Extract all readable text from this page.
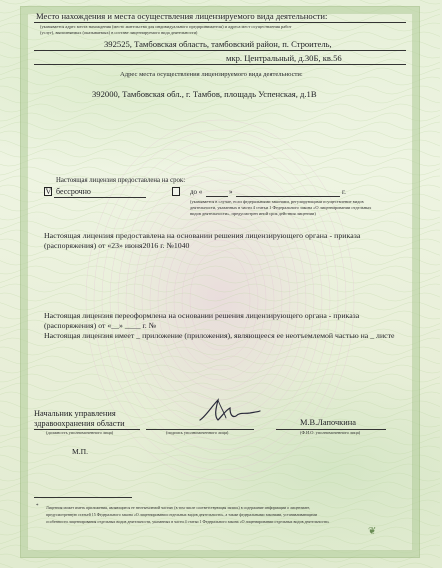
Место нахождения и места осуществления лицензируемого вида деятельности:
(указывается адрес места нахождения (место жительства для индивидуального предпринимателя) и адреса мест осуществления работ
(услуг), выполняемых (оказываемых) в составе лицензируемого вида деятельности)
392525, Тамбовская область, тамбовский район, п. Строитель,
мкр. Центральный, д.30Б, кв.56
Адрес места осуществления лицензируемого вида деятельности:
392000, Тамбовская обл., г. Тамбов, площадь Успенская, д.1В
Настоящая лицензия предоставлена на срок:
V бессрочно	до «	»	г.
(указывается в случае, если федеральными законами, регулирующими осуществление видов
деятельности, указанных в части 4 статьи 1 Федерального закона «О лицензировании отдельных
видов деятельности», предусмотрен иной срок действия лицензии)
Настоящая лицензия предоставлена на основании решения лицензирующего органа - приказа
(распоряжения) от «23» июня2016 г. №1040
Настоящая лицензия переоформлена на основании решения лицензирующего органа - приказа
(распоряжения) от «__» ____ г. №
Настоящая лицензия имеет _ приложение (приложения), являющееся ее неотъемлемой частью на _ листе
Начальник управления
здравоохранения области
(должность уполномоченного лица)	(подпись уполномоченного лица)
М.В.Лапочкина
(Ф.И.О. уполномоченного лица)
М.П.
* Лицензия может иметь приложения, являющиеся ее неотъемлемой частью (в том числе соответствующая запись) в содержание информации о лицензиате,
предусмотренную статьей 15 Федерального закона «О лицензировании отдельных видов деятельности», а также федеральными законами, устанавливающими
особенности лицензирования отдельных видов деятельности, указанных в части 4 статьи 1 Федерального закона «О лицензировании отдельных видов деятельности»
❦
